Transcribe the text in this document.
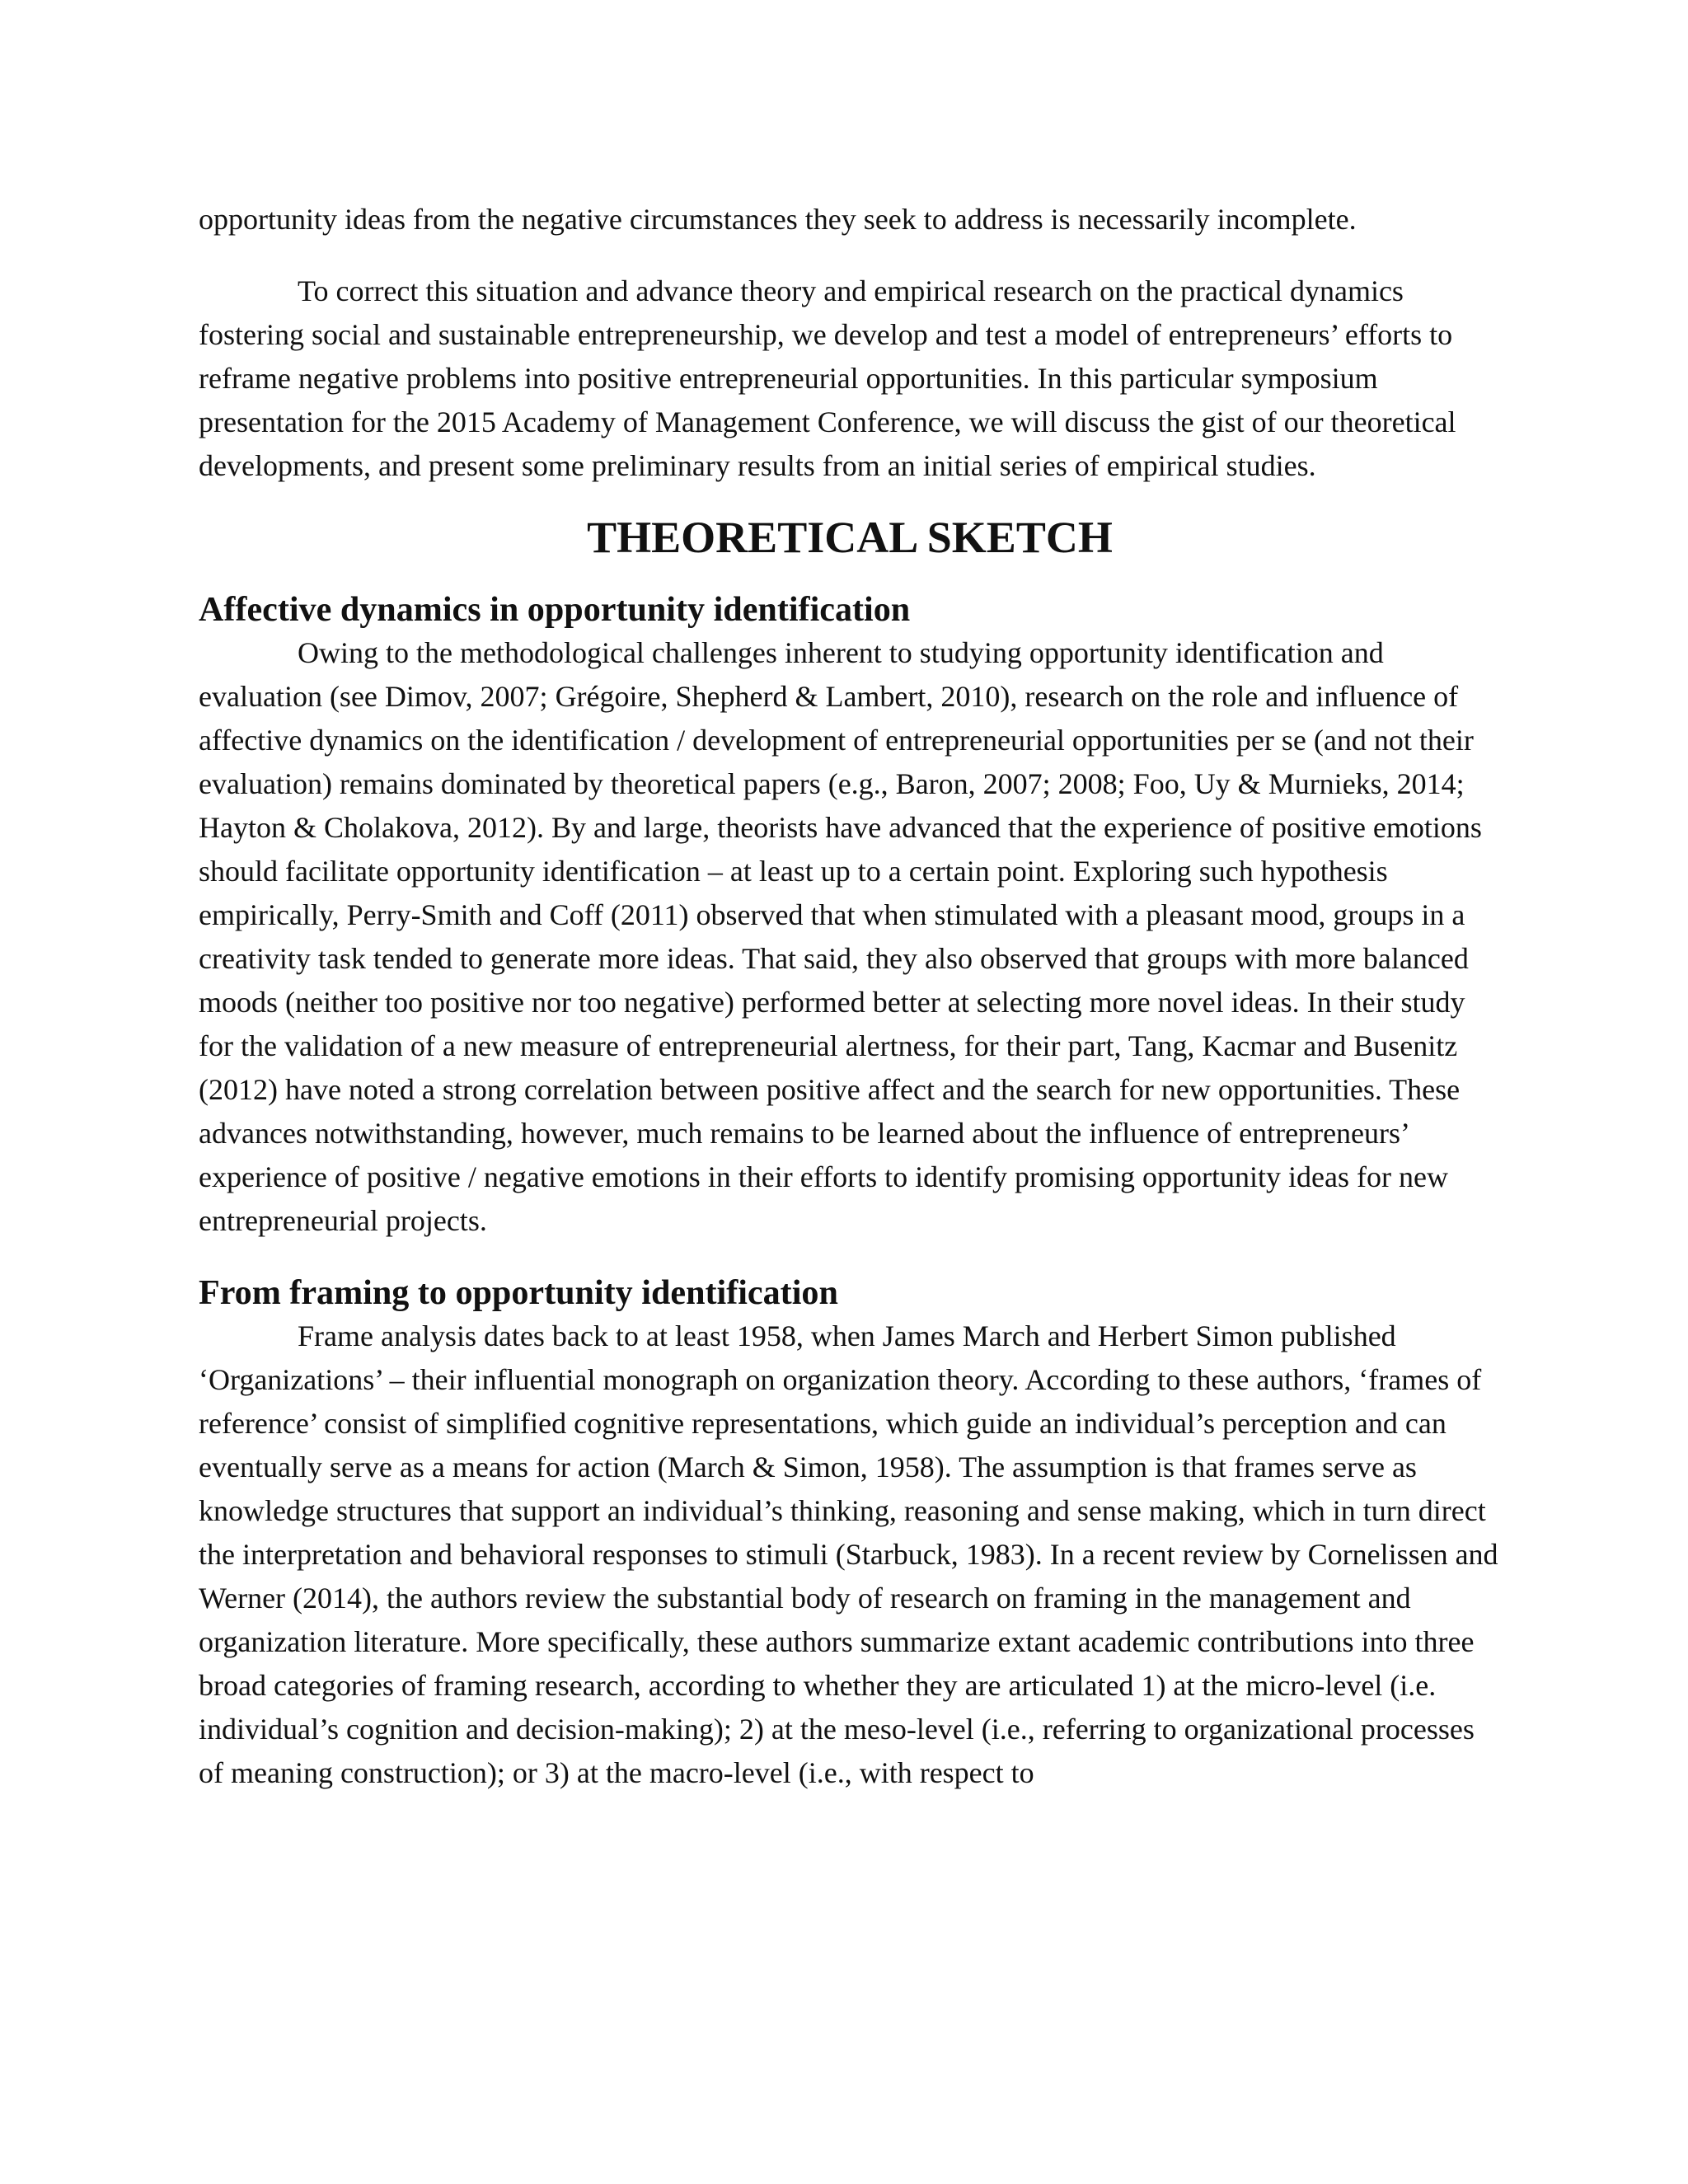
opportunity ideas from the negative circumstances they seek to address is necessarily incomplete.

To correct this situation and advance theory and empirical research on the practical dynamics fostering social and sustainable entrepreneurship, we develop and test a model of entrepreneurs’ efforts to reframe negative problems into positive entrepreneurial opportunities. In this particular symposium presentation for the 2015 Academy of Management Conference, we will discuss the gist of our theoretical developments, and present some preliminary results from an initial series of empirical studies.

THEORETICAL SKETCH
Affective dynamics in opportunity identification

Owing to the methodological challenges inherent to studying opportunity identification and evaluation (see Dimov, 2007; Grégoire, Shepherd & Lambert, 2010), research on the role and influence of affective dynamics on the identification / development of entrepreneurial opportunities per se (and not their evaluation) remains dominated by theoretical papers (e.g., Baron, 2007; 2008; Foo, Uy & Murnieks, 2014; Hayton & Cholakova, 2012). By and large, theorists have advanced that the experience of positive emotions should facilitate opportunity identification – at least up to a certain point. Exploring such hypothesis empirically, Perry-Smith and Coff (2011) observed that when stimulated with a pleasant mood, groups in a creativity task tended to generate more ideas. That said, they also observed that groups with more balanced moods (neither too positive nor too negative) performed better at selecting more novel ideas. In their study for the validation of a new measure of entrepreneurial alertness, for their part, Tang, Kacmar and Busenitz (2012) have noted a strong correlation between positive affect and the search for new opportunities. These advances notwithstanding, however, much remains to be learned about the influence of entrepreneurs’ experience of positive / negative emotions in their efforts to identify promising opportunity ideas for new entrepreneurial projects.

From framing to opportunity identification

Frame analysis dates back to at least 1958, when James March and Herbert Simon published ‘Organizations’ – their influential monograph on organization theory. According to these authors, ‘frames of reference’ consist of simplified cognitive representations, which guide an individual’s perception and can eventually serve as a means for action (March & Simon, 1958). The assumption is that frames serve as knowledge structures that support an individual’s thinking, reasoning and sense making, which in turn direct the interpretation and behavioral responses to stimuli (Starbuck, 1983). In a recent review by Cornelissen and Werner (2014), the authors review the substantial body of research on framing in the management and organization literature. More specifically, these authors summarize extant academic contributions into three broad categories of framing research, according to whether they are articulated 1) at the micro-level (i.e. individual’s cognition and decision-making); 2) at the meso-level (i.e., referring to organizational processes of meaning construction); or 3) at the macro-level (i.e., with respect to
